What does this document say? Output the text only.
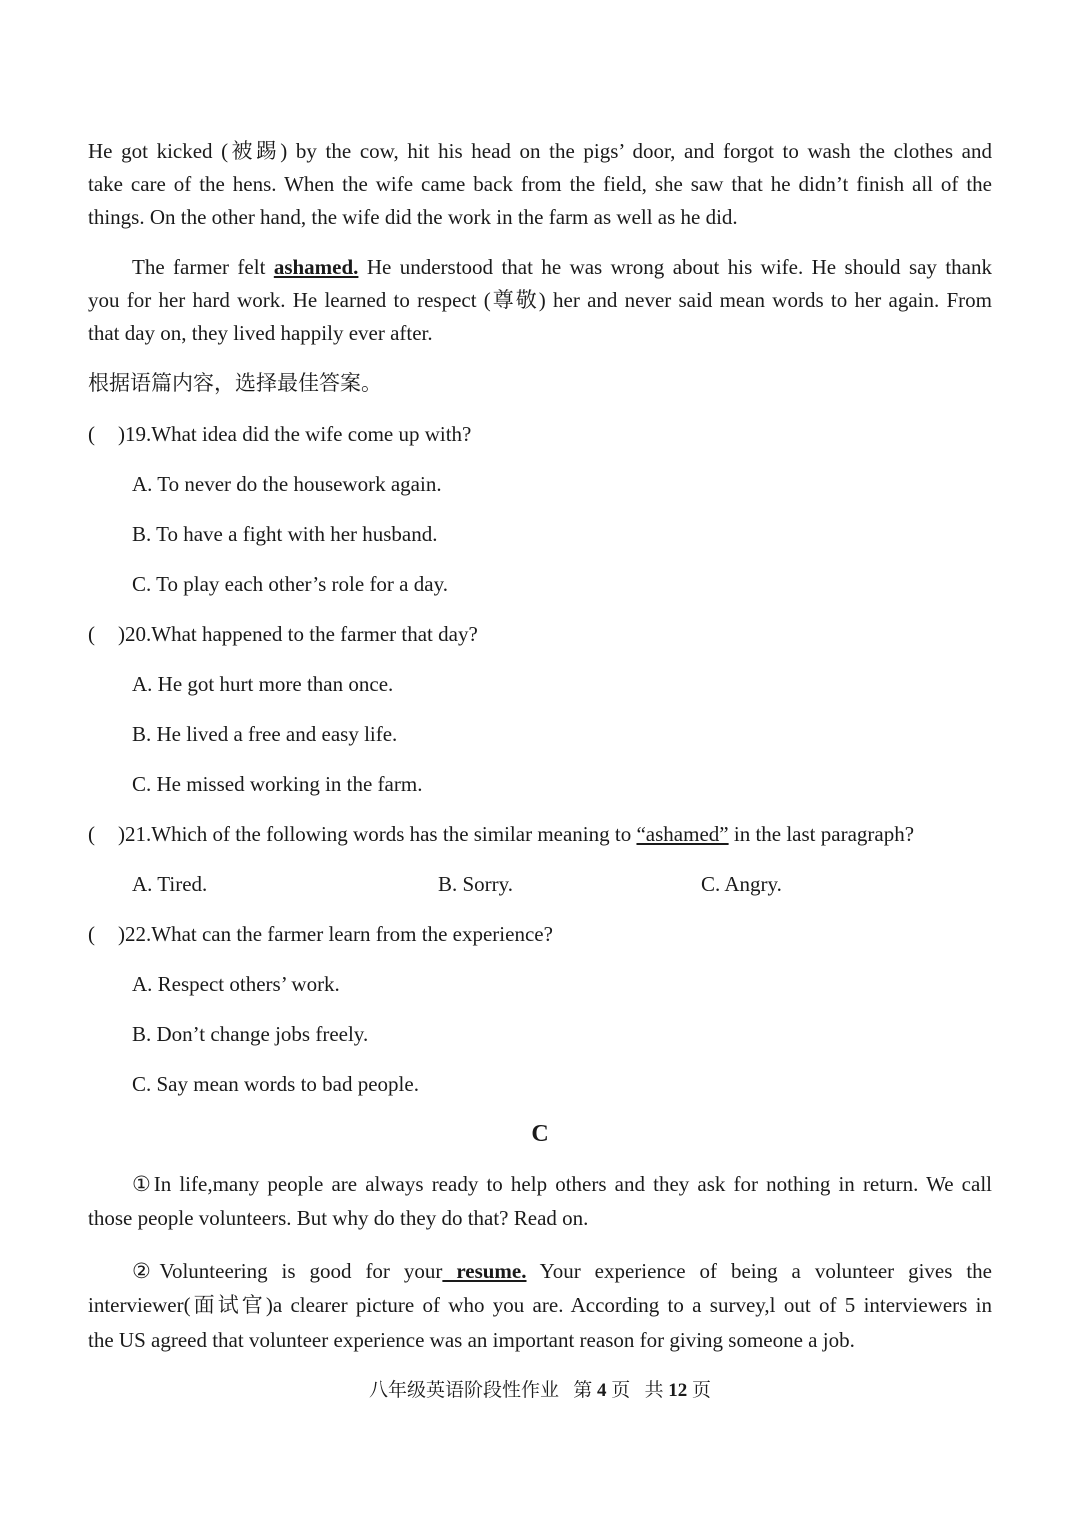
He got kicked (被踢) by the cow, hit his head on the pigs’ door, and forgot to wash the clothes and
take care of the hens. When the wife came back from the field, she saw that he didn’t finish all of the
things. On the other hand, the wife did the work in the farm as well as he did.
The farmer felt ashamed. He understood that he was wrong about his wife. He should say thank
you for her hard work. He learned to respect (尊敬) her and never said mean words to her again. From
that day on, they lived happily ever after.
根据语篇内容，选择最佳答案。
( )19.What idea did the wife come up with?
A. To never do the housework again.
B. To have a fight with her husband.
C. To play each other’s role for a day.
( )20.What happened to the farmer that day?
A. He got hurt more than once.
B. He lived a free and easy life.
C. He missed working in the farm.
( )21.Which of the following words has the similar meaning to “ashamed” in the last paragraph?
A. Tired.	B. Sorry.	C. Angry.
( )22.What can the farmer learn from the experience?
A. Respect others’ work.
B. Don’t change jobs freely.
C. Say mean words to bad people.
C
①In life,many people are always ready to help others and they ask for nothing in return. We call
those people volunteers. But why do they do that? Read on.
②Volunteering is good for your resume. Your experience of being a volunteer gives the
interviewer(面试官)a clearer picture of who you are. According to a survey,l out of 5 interviewers in
the US agreed that volunteer experience was an important reason for giving someone a job.
八年级英语阶段性作业 第 4 页 共 12 页
